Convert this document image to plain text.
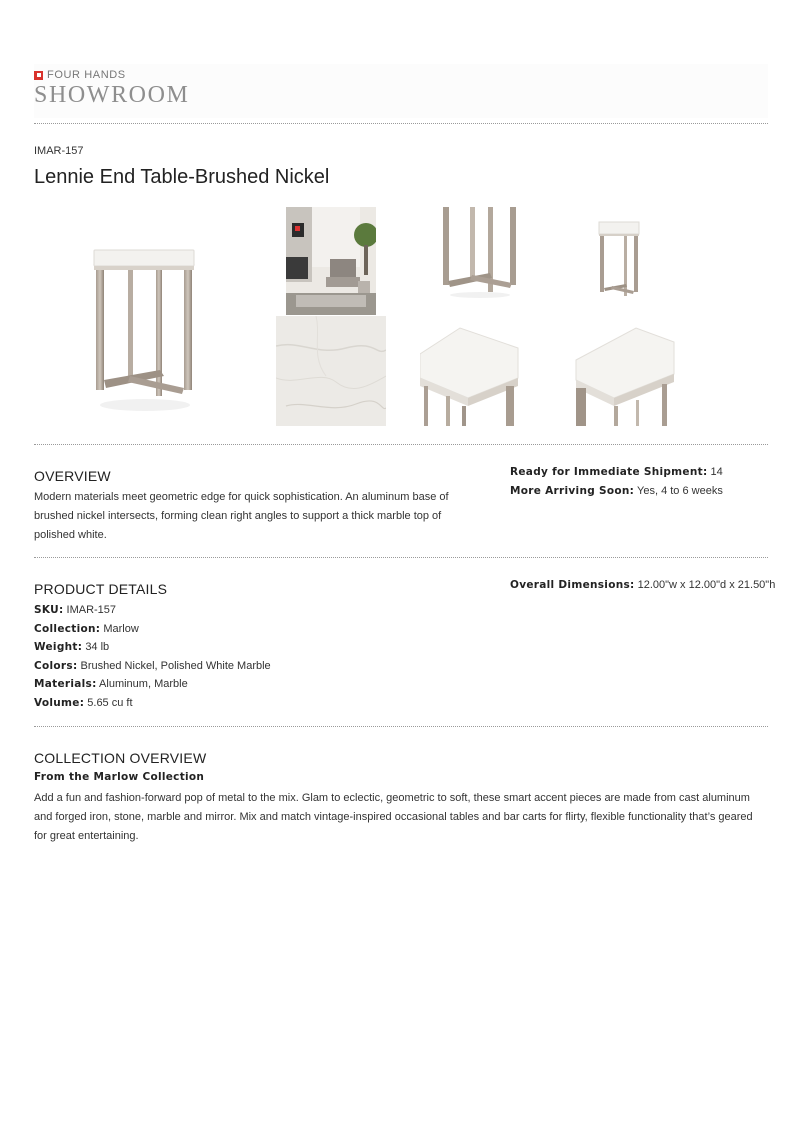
FOUR HANDS
SHOWROOM
IMAR-157
Lennie End Table-Brushed Nickel
OVERVIEW

Modern materials meet geometric edge for quick sophistication. An aluminum base of brushed nickel intersects, forming clean right angles to support a thick marble top of polished white.

Ready for Immediate Shipment: 14
More Arriving Soon: Yes, 4 to 6 weeks
PRODUCT DETAILS
SKU: IMAR-157
Collection: Marlow
Weight: 34 lb
Colors: Brushed Nickel, Polished White Marble
Materials: Aluminum, Marble
Volume: 5.65 cu ft
Overall Dimensions: 12.00"w x 12.00"d x 21.50"h
COLLECTION OVERVIEW
From the Marlow Collection

Add a fun and fashion-forward pop of metal to the mix. Glam to eclectic, geometric to soft, these smart accent pieces are made from cast aluminum and forged iron, stone, marble and mirror. Mix and match vintage-inspired occasional tables and bar carts for flirty, flexible functionality that’s geared for great entertaining.
